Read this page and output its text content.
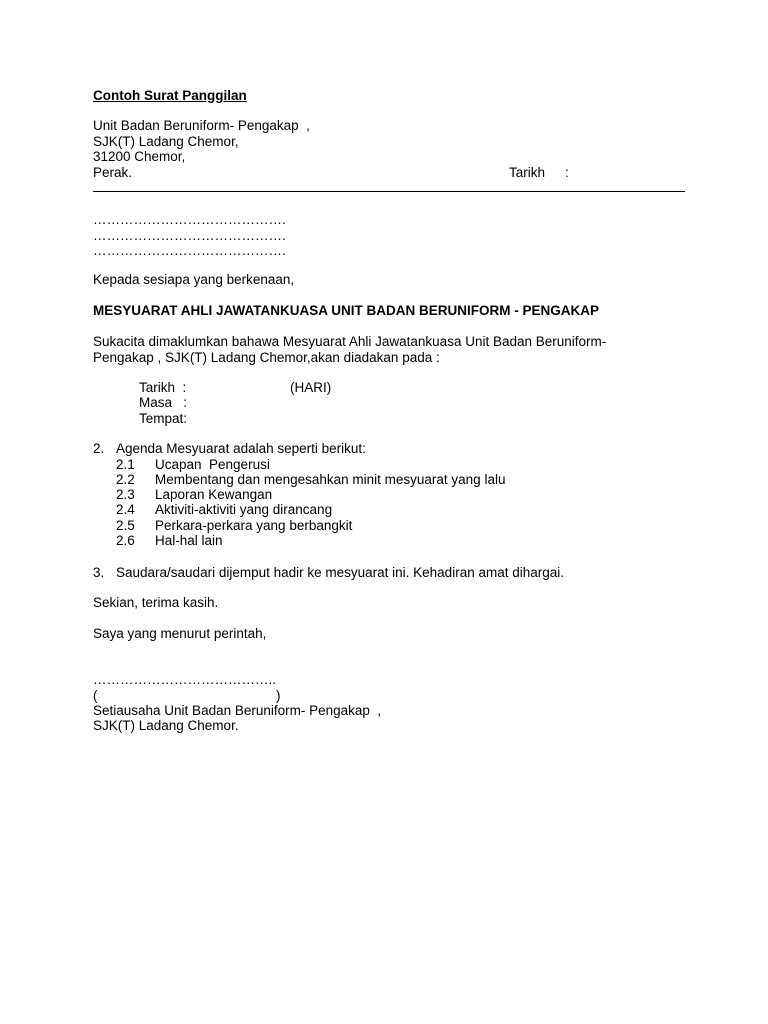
Contoh Surat Panggilan
Unit Badan Beruniform- Pengakap  ,
SJK(T) Ladang Chemor,
31200 Chemor,
Perak.	Tarikh :
…………………………………….
…………………………………….
…………………………………….
Kepada sesiapa yang berkenaan,
MESYUARAT AHLI JAWATANKUASA UNIT BADAN BERUNIFORM - PENGAKAP
Sukacita dimaklumkan bahawa Mesyuarat Ahli Jawatankuasa Unit Badan Beruniform-
Pengakap , SJK(T) Ladang Chemor,akan diadakan pada :
Tarikh  :	(HARI)
Masa   :
Tempat:
2. Agenda Mesyuarat adalah seperti berikut:
2.1 Ucapan  Pengerusi
2.2 Membentang dan mengesahkan minit mesyuarat yang lalu
2.3 Laporan Kewangan
2.4 Aktiviti-aktiviti yang dirancang
2.5 Perkara-perkara yang berbangkit
2.6 Hal-hal lain
3. Saudara/saudari dijemput hadir ke mesyuarat ini. Kehadiran amat dihargai.
Sekian, terima kasih.
Saya yang menurut perintah,
…………………………………..
(	)
Setiausaha Unit Badan Beruniform- Pengakap  ,
SJK(T) Ladang Chemor.
